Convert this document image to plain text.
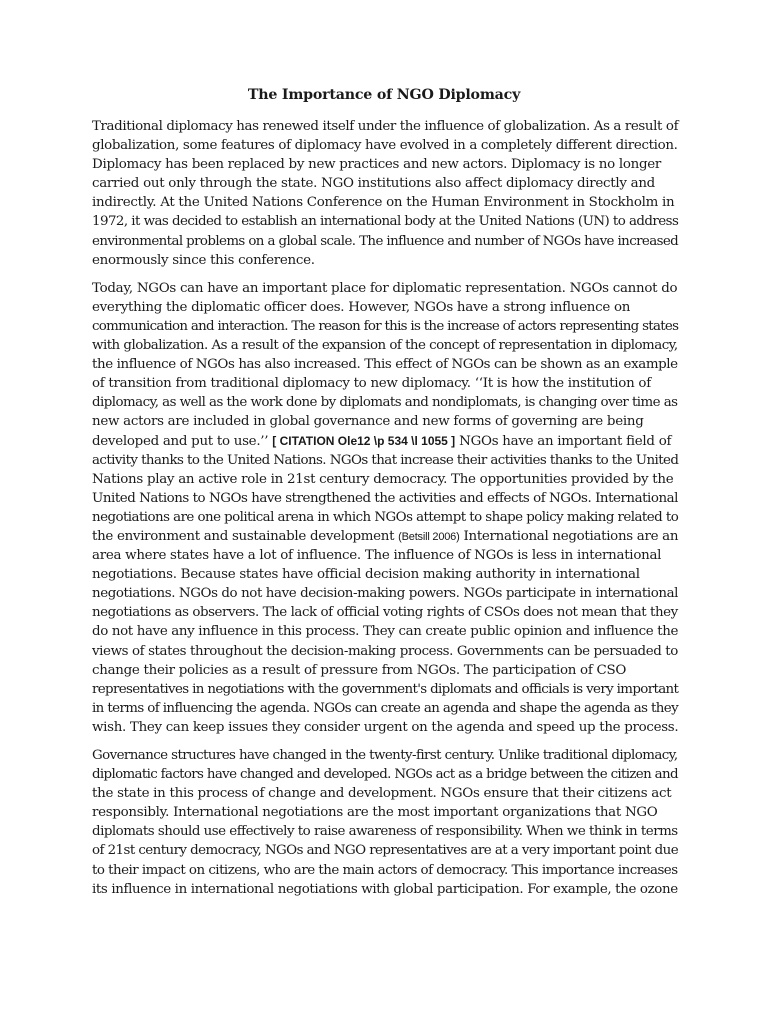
The Importance of NGO Diplomacy
Traditional diplomacy has renewed itself under the influence of globalization. As a result of
globalization, some features of diplomacy have evolved in a completely different direction.
Diplomacy has been replaced by new practices and new actors. Diplomacy is no longer
carried out only through the state. NGO institutions also affect diplomacy directly and
indirectly. At the United Nations Conference on the Human Environment in Stockholm in
1972, it was decided to establish an international body at the United Nations (UN) to address
environmental problems on a global scale. The influence and number of NGOs have increased
enormously since this conference.
Today, NGOs can have an important place for diplomatic representation. NGOs cannot do
everything the diplomatic officer does. However, NGOs have a strong influence on
communication and interaction. The reason for this is the increase of actors representing states
with globalization. As a result of the expansion of the concept of representation in diplomacy,
the influence of NGOs has also increased. This effect of NGOs can be shown as an example
of transition from traditional diplomacy to new diplomacy. ‘‘It is how the institution of
diplomacy, as well as the work done by diplomats and nondiplomats, is changing over time as
new actors are included in global governance and new forms of governing are being
developed and put to use.’’ [ CITATION Ole12 \p 534 \l 1055 ] NGOs have an important field of
activity thanks to the United Nations. NGOs that increase their activities thanks to the United
Nations play an active role in 21st century democracy. The opportunities provided by the
United Nations to NGOs have strengthened the activities and effects of NGOs. International
negotiations are one political arena in which NGOs attempt to shape policy making related to
the environment and sustainable development (Betsill 2006) International negotiations are an
area where states have a lot of influence. The influence of NGOs is less in international
negotiations. Because states have official decision making authority in international
negotiations. NGOs do not have decision-making powers. NGOs participate in international
negotiations as observers. The lack of official voting rights of CSOs does not mean that they
do not have any influence in this process. They can create public opinion and influence the
views of states throughout the decision-making process. Governments can be persuaded to
change their policies as a result of pressure from NGOs. The participation of CSO
representatives in negotiations with the government's diplomats and officials is very important
in terms of influencing the agenda. NGOs can create an agenda and shape the agenda as they
wish. They can keep issues they consider urgent on the agenda and speed up the process.
Governance structures have changed in the twenty-first century. Unlike traditional diplomacy,
diplomatic factors have changed and developed. NGOs act as a bridge between the citizen and
the state in this process of change and development. NGOs ensure that their citizens act
responsibly. International negotiations are the most important organizations that NGO
diplomats should use effectively to raise awareness of responsibility. When we think in terms
of 21st century democracy, NGOs and NGO representatives are at a very important point due
to their impact on citizens, who are the main actors of democracy. This importance increases
its influence in international negotiations with global participation. For example, the ozone
